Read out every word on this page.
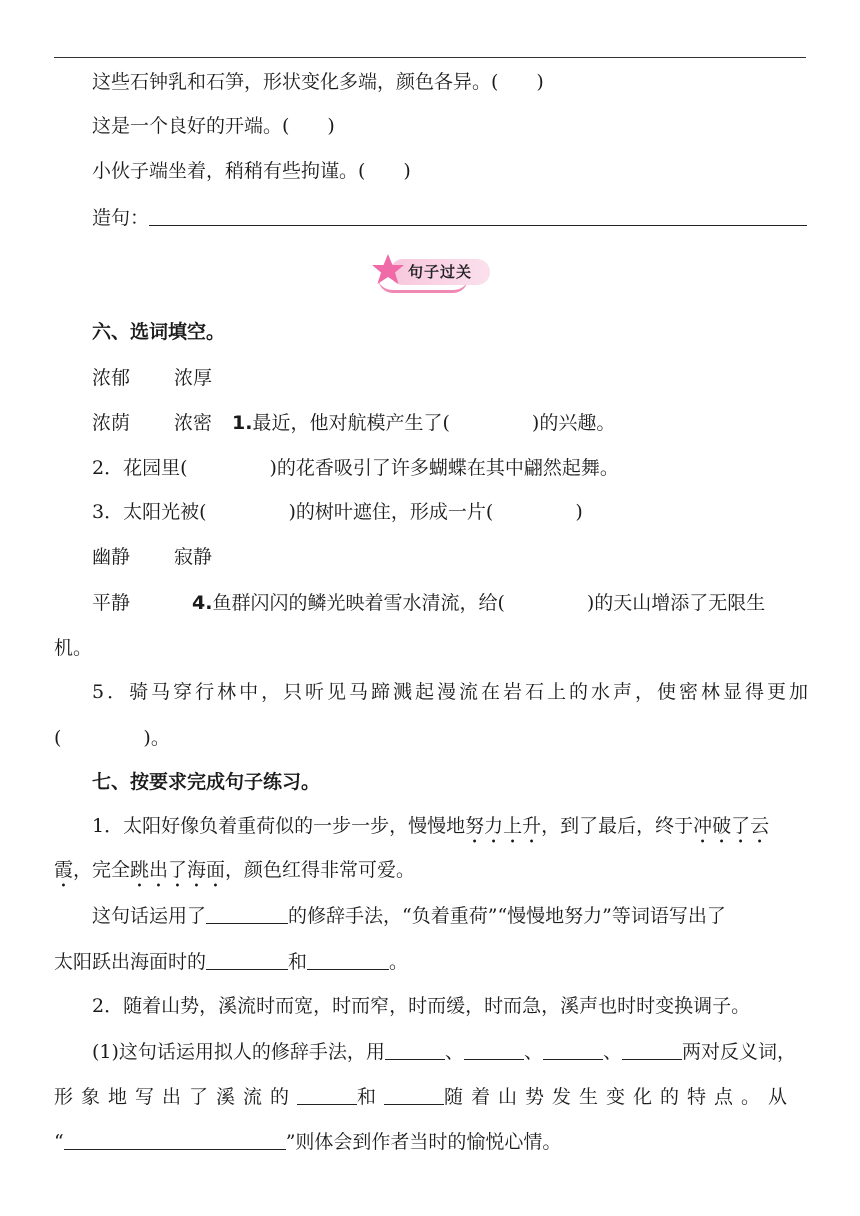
这些石钟乳和石笋，形状变化多端，颜色各异。(　　)
这是一个良好的开端。(　　)
小伙子端坐着，稍稍有些拘谨。(　　)
造句：
句子过关
六、选词填空。
浓郁 浓厚
浓荫 浓密 1.最近，他对航模产生了(	)的兴趣。
2．花园里(	)的花香吸引了许多蝴蝶在其中翩然起舞。
3．太阳光被(	)的树叶遮住，形成一片(	)
幽静 寂静
平静	4.鱼群闪闪的鳞光映着雪水清流，给(	)的天山增添了无限生
机。
5．骑马穿行林中，只听见马蹄溅起漫流在岩石上的水声，使密林显得更加
(	)。
七、按要求完成句子练习。
1．太阳好像负着重荷似的一步一步，慢慢地努力上升，到了最后，终于冲破了云
霞，完全跳出了海面，颜色红得非常可爱。
这句话运用了	的修辞手法，“负着重荷”“慢慢地努力”等词语写出了
太阳跃出海面时的	和	。
2．随着山势，溪流时而宽，时而窄，时而缓，时而急，溪声也时时变换调子。
(1)这句话运用拟人的修辞手法，用	、	、	、	两对反义词，
形象地写出了溪流的	和	随着山势发生变化的特点。从
“	”则体会到作者当时的愉悦心情。
